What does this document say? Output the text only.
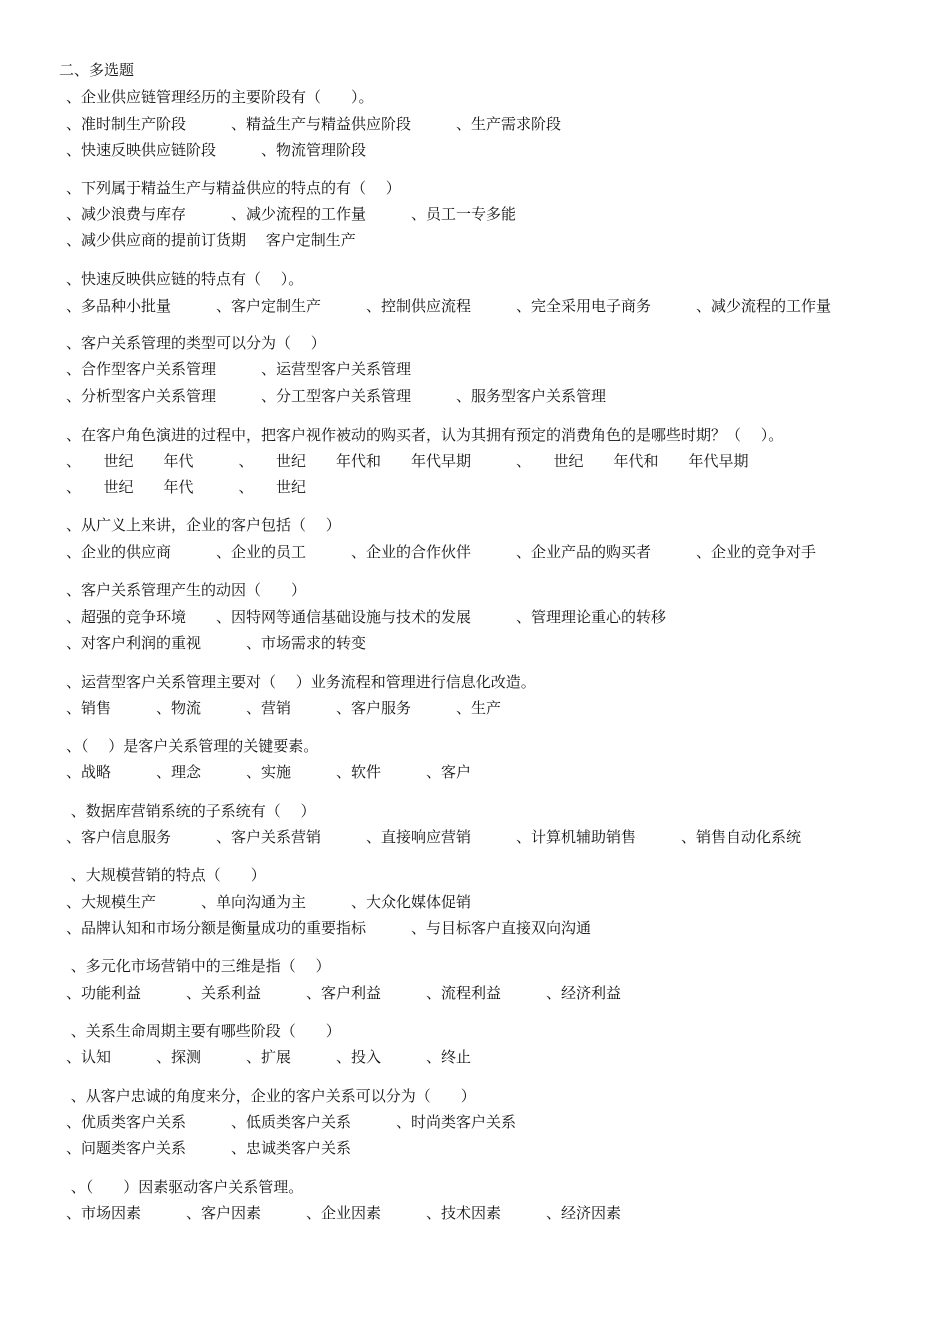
二、多选题
、企业供应链管理经历的主要阶段有（　　）。
、准时制生产阶段　　　、精益生产与精益供应阶段　　　、生产需求阶段
、快速反映供应链阶段　　　、物流管理阶段
、下列属于精益生产与精益供应的特点的有（　 ）
、减少浪费与库存　　　、减少流程的工作量　　　、员工一专多能
、减少供应商的提前订货期　 客户定制生产
、快速反映供应链的特点有（　 ）。
、多品种小批量　　　、客户定制生产　　　、控制供应流程　　　、完全采用电子商务　　　、减少流程的工作量
、客户关系管理的类型可以分为（　 ）
、合作型客户关系管理　　　、运营型客户关系管理
、分析型客户关系管理　　　、分工型客户关系管理　　　、服务型客户关系管理
、在客户角色演进的过程中，把客户视作被动的购买者，认为其拥有预定的消费角色的是哪些时期？（　 ）。
、　　世纪　　年代　　　、　　世纪　　年代和　　年代早期　　　、　　世纪　　年代和　　年代早期
、　　世纪　　年代　　　、　　世纪
、从广义上来讲，企业的客户包括（　 ）
、企业的供应商　　　、企业的员工　　　、企业的合作伙伴　　　、企业产品的购买者　　　、企业的竞争对手
、客户关系管理产生的动因（　　）
、超强的竞争环境　　、因特网等通信基础设施与技术的发展　　　、管理理论重心的转移
、对客户利润的重视　　　、市场需求的转变
、运营型客户关系管理主要对（　 ）业务流程和管理进行信息化改造。
、销售　　　、物流　　　、营销　　　、客户服务　　　、生产
、（　 ）是客户关系管理的关键要素。
、战略　　　、理念　　　、实施　　　、软件　　　、客户
、数据库营销系统的子系统有（　 ）
、客户信息服务　　　、客户关系营销　　　、直接响应营销　　　、计算机辅助销售　　　、销售自动化系统
、大规模营销的特点（　　）
、大规模生产　　　、单向沟通为主　　　、大众化媒体促销
、品牌认知和市场分额是衡量成功的重要指标　　　、与目标客户直接双向沟通
、多元化市场营销中的三维是指（　 ）
、功能利益　　　、关系利益　　　、客户利益　　　、流程利益　　　、经济利益
、关系生命周期主要有哪些阶段（　　）
、认知　　　、探测　　　、扩展　　　、投入　　　、终止
、从客户忠诚的角度来分，企业的客户关系可以分为（　　）
、优质类客户关系　　　、低质类客户关系　　　、时尚类客户关系
、问题类客户关系　　　、忠诚类客户关系
、（　　）因素驱动客户关系管理。
、市场因素　　　、客户因素　　　、企业因素　　　、技术因素　　　、经济因素
